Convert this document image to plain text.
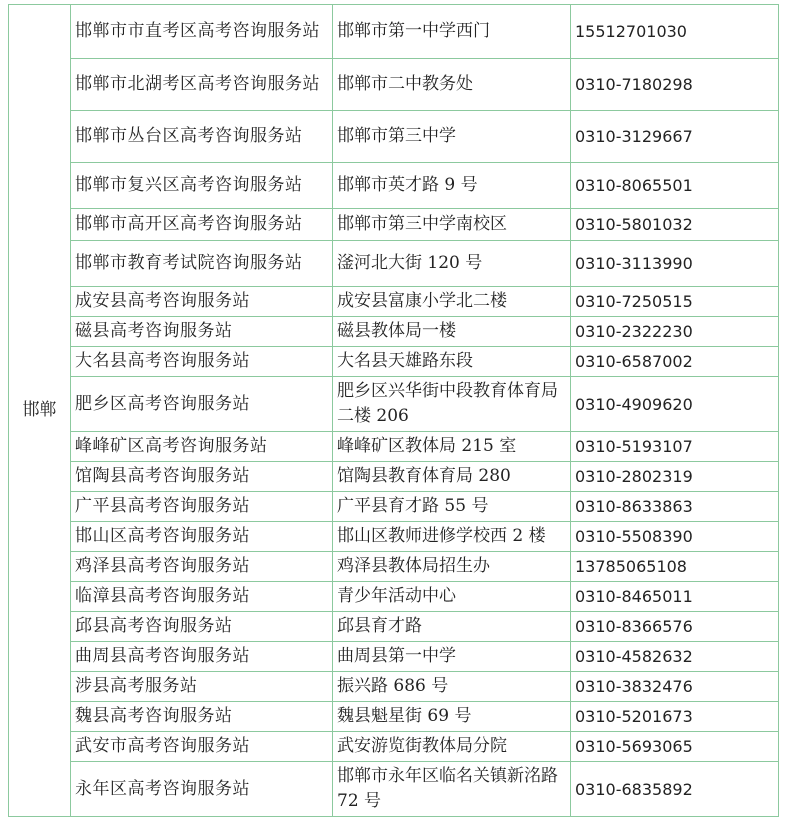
邯郸	邯郸市市直考区高考咨询服务站	邯郸市第一中学西门	15512701030
	邯郸市北湖考区高考咨询服务站	邯郸市二中教务处	0310-7180298
	邯郸市丛台区高考咨询服务站	邯郸市第三中学	0310-3129667
	邯郸市复兴区高考咨询服务站	邯郸市英才路 9 号	0310-8065501
	邯郸市高开区高考咨询服务站	邯郸市第三中学南校区	0310-5801032
	邯郸市教育考试院咨询服务站	滏河北大街 120 号	0310-3113990
	成安县高考咨询服务站	成安县富康小学北二楼	0310-7250515
	磁县高考咨询服务站	磁县教体局一楼	0310-2322230
	大名县高考咨询服务站	大名县天雄路东段	0310-6587002
	肥乡区高考咨询服务站	肥乡区兴华街中段教育体育局二楼 206	0310-4909620
	峰峰矿区高考咨询服务站	峰峰矿区教体局 215 室	0310-5193107
	馆陶县高考咨询服务站	馆陶县教育体育局 280	0310-2802319
	广平县高考咨询服务站	广平县育才路 55 号	0310-8633863
	邯山区高考咨询服务站	邯山区教师进修学校西 2 楼	0310-5508390
	鸡泽县高考咨询服务站	鸡泽县教体局招生办	13785065108
	临漳县高考咨询服务站	青少年活动中心	0310-8465011
	邱县高考咨询服务站	邱县育才路	0310-8366576
	曲周县高考咨询服务站	曲周县第一中学	0310-4582632
	涉县高考服务站	振兴路 686 号	0310-3832476
	魏县高考咨询服务站	魏县魁星街 69 号	0310-5201673
	武安市高考咨询服务站	武安游览街教体局分院	0310-5693065
	永年区高考咨询服务站	邯郸市永年区临名关镇新洺路 72 号	0310-6835892
